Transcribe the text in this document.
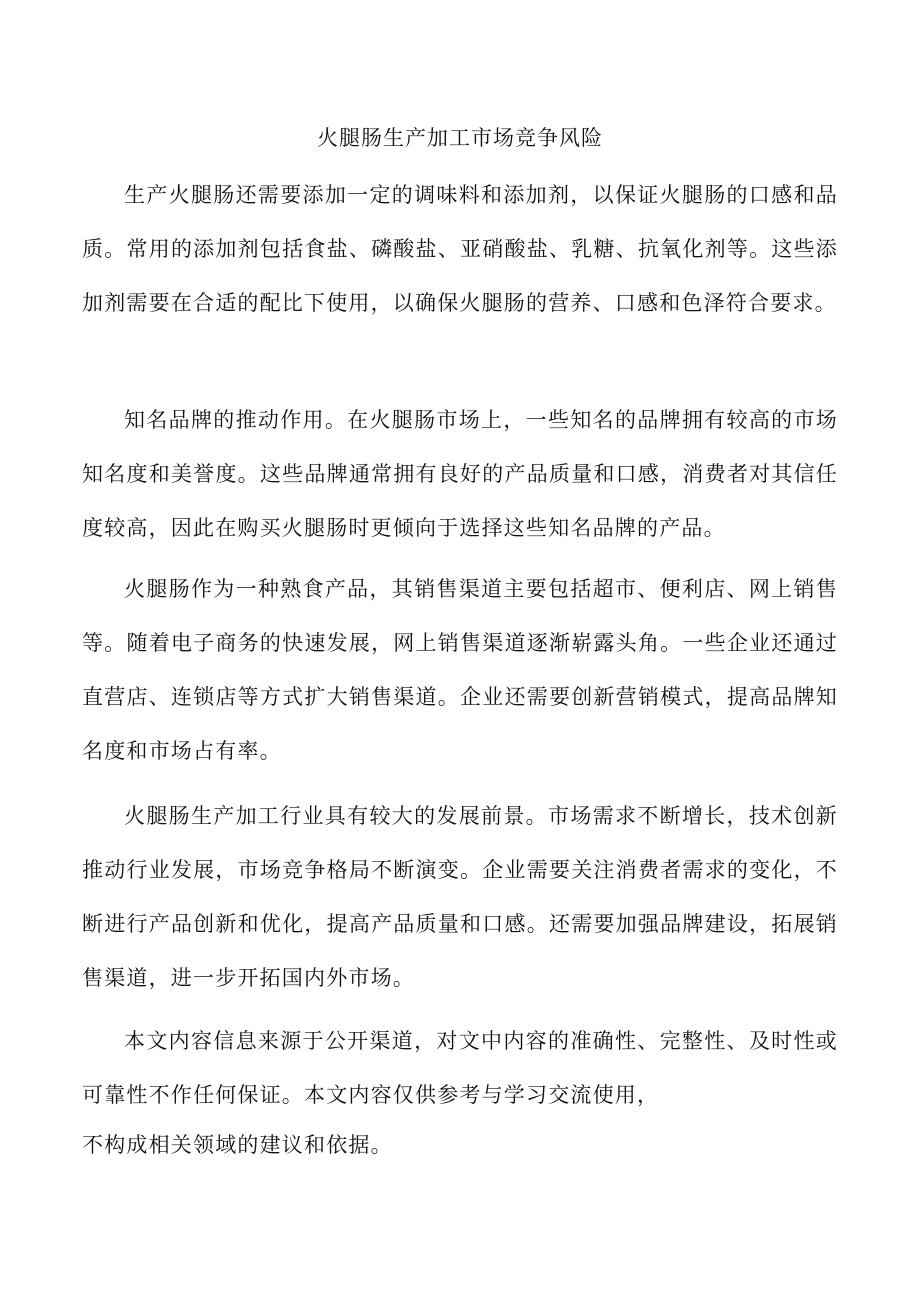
火腿肠生产加工市场竞争风险

生产火腿肠还需要添加一定的调味料和添加剂，以保证火腿肠的口感和品质。常用的添加剂包括食盐、磷酸盐、亚硝酸盐、乳糖、抗氧化剂等。这些添加剂需要在合适的配比下使用，以确保火腿肠的营养、口感和色泽符合要求。

知名品牌的推动作用。在火腿肠市场上，一些知名的品牌拥有较高的市场知名度和美誉度。这些品牌通常拥有良好的产品质量和口感，消费者对其信任度较高，因此在购买火腿肠时更倾向于选择这些知名品牌的产品。

火腿肠作为一种熟食产品，其销售渠道主要包括超市、便利店、网上销售等。随着电子商务的快速发展，网上销售渠道逐渐崭露头角。一些企业还通过直营店、连锁店等方式扩大销售渠道。企业还需要创新营销模式，提高品牌知名度和市场占有率。

火腿肠生产加工行业具有较大的发展前景。市场需求不断增长，技术创新推动行业发展，市场竞争格局不断演变。企业需要关注消费者需求的变化，不断进行产品创新和优化，提高产品质量和口感。还需要加强品牌建设，拓展销售渠道，进一步开拓国内外市场。

本文内容信息来源于公开渠道，对文中内容的准确性、完整性、及时性或可靠性不作任何保证。本文内容仅供参考与学习交流使用，

不构成相关领域的建议和依据。
